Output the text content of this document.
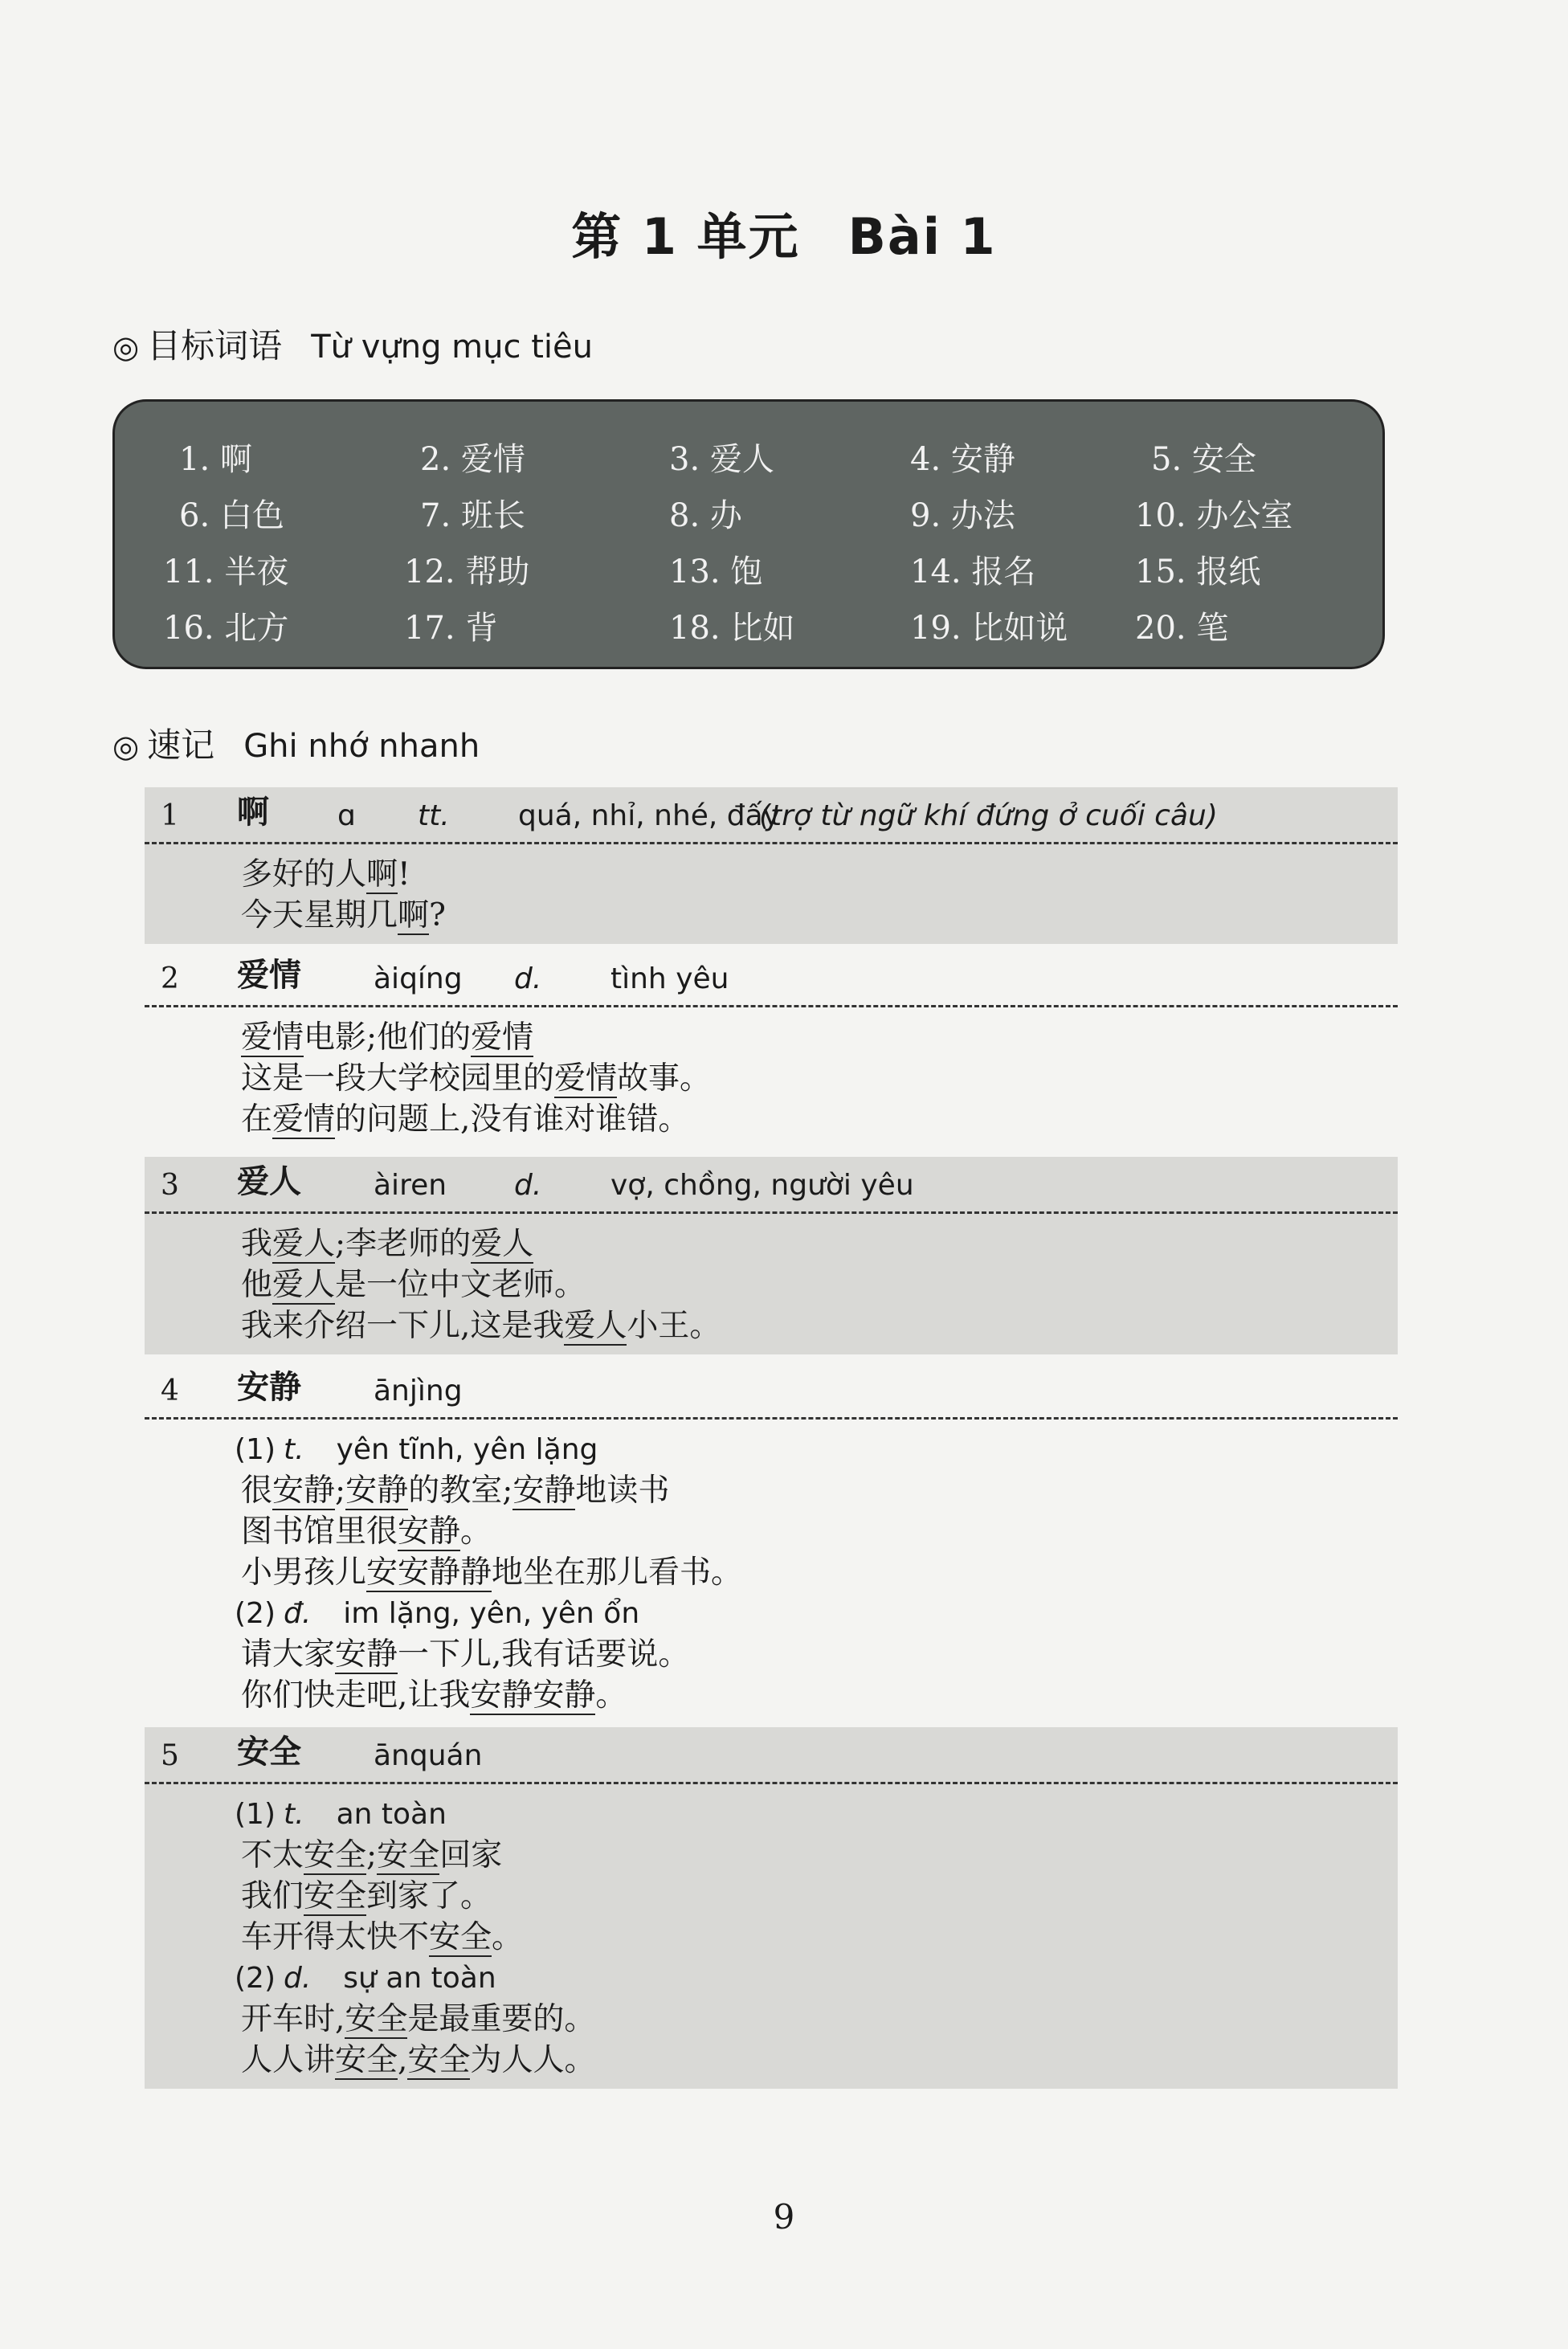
第 1 单元 Bài 1
◎ 目标词语 Từ vựng mục tiêu
1. 啊	2. 爱情	3. 爱人	4. 安静	5. 安全
6. 白色	7. 班长	8. 办	9. 办法	10. 办公室
11. 半夜	12. 帮助	13. 饱	14. 报名	15. 报纸
16. 北方	17. 背	18. 比如	19. 比如说 20. 笔
◎ 速记 Ghi nhớ nhanh
1 啊 ɑ tt. quá, nhỉ, nhé, đấy
(trợ từ ngữ khí đứng ở cuối câu)
多好的人啊!
今天星期几啊?
2 爱情	àiqíng d. tình yêu
爱情电影;他们的爱情
这是一段大学校园里的爱情故事。
在爱情的问题上,没有谁对谁错。
3 爱人	àiren d. vợ, chồng, người yêu
我爱人;李老师的爱人
他爱人是一位中文老师。
我来介绍一下儿,这是我爱人小王。
4 安静	ānjìng
(1) t. yên tĩnh, yên lặng
很安静;安静的教室;安静地读书
图书馆里很安静。
小男孩儿安安静静地坐在那儿看书。
(2) đ. im lặng, yên, yên ổn
请大家安静一下儿,我有话要说。
你们快走吧,让我安静安静。
5 安全	ānquán
(1) t. an toàn
不太安全;安全回家
我们安全到家了。
车开得太快不安全。
(2) d. sự an toàn
开车时,安全是最重要的。
人人讲安全,安全为人人。
9
